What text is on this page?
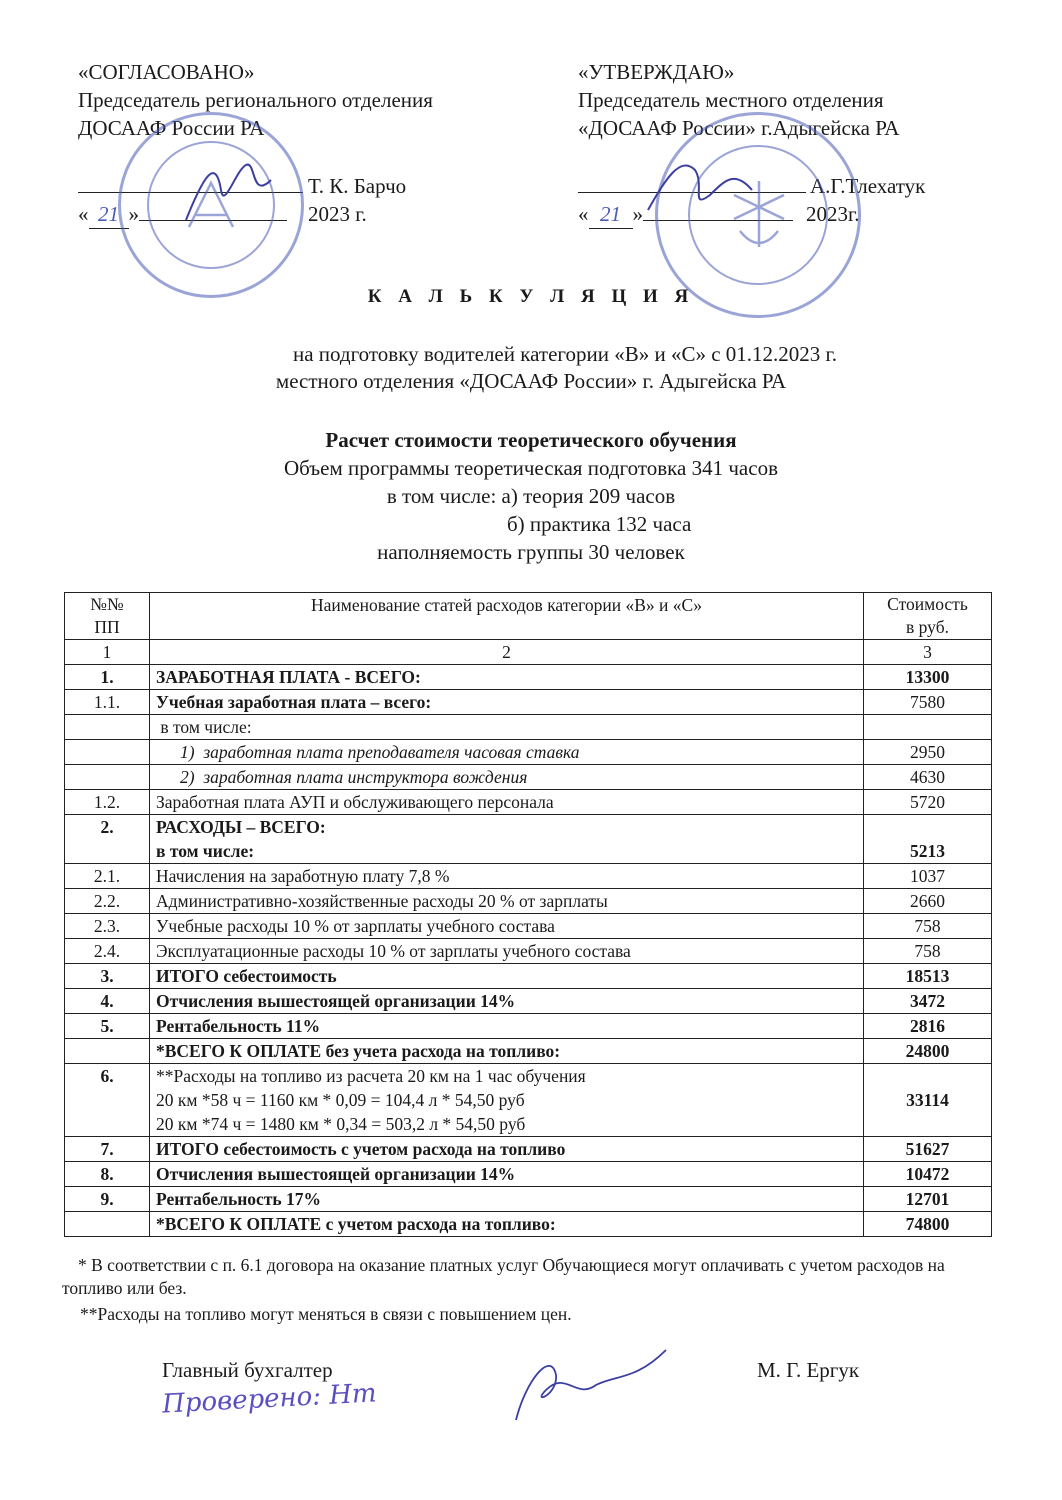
«СОГЛАСОВАНО»
Председатель регионального отделения
ДОСААФ России РА
Т. К. Барчо
« 21 »	2023 г.
«УТВЕРЖДАЮ»
Председатель местного отделения
«ДОСААФ России» г.Адыгейска РА
А.Г.Тлехатук
« 21 »	2023г.
К А Л Ь К У Л Я Ц И Я
на подготовку водителей категории «В» и «С» с 01.12.2023 г.
местного отделения «ДОСААФ России» г. Адыгейска РА
Расчет стоимости теоретического обучения
Объем программы теоретическая подготовка 341 часов
в том числе: а) теория 209 часов
б) практика 132 часа
наполняемость группы 30 человек
№№
ПП	Наименование статей расходов категории «В» и «С»	Стоимость
в руб.
1	2	3
1.	ЗАРАБОТНАЯ ПЛАТА - ВСЕГО:	13300
1.1.	Учебная заработная плата – всего:	7580
	в том числе:	
	1)  заработная плата преподавателя часовая ставка	2950
	2)  заработная плата инструктора вождения	4630
1.2.	Заработная плата АУП и обслуживающего персонала	5720
2.	РАСХОДЫ – ВСЕГО:
в том числе:	5213
2.1.	Начисления на заработную плату 7,8 %	1037
2.2.	Административно-хозяйственные расходы 20 % от зарплаты	2660
2.3.	Учебные расходы 10 % от зарплаты учебного состава	758
2.4.	Эксплуатационные расходы 10 % от зарплаты учебного состава	758
3.	ИТОГО себестоимость	18513
4.	Отчисления вышестоящей организации 14%	3472
5.	Рентабельность 11%	2816
	*ВСЕГО К ОПЛАТЕ без учета расхода на топливо:	24800
6.	**Расходы на топливо из расчета 20 км на 1 час обучения
20 км *58 ч = 1160 км * 0,09 = 104,4 л * 54,50 руб
20 км *74 ч = 1480 км * 0,34 = 503,2 л * 54,50 руб	33114
7.	ИТОГО себестоимость с учетом расхода на топливо	51627
8.	Отчисления вышестоящей организации 14%	10472
9.	Рентабельность 17%	12701
	*ВСЕГО К ОПЛАТЕ с учетом расхода на топливо:	74800
* В соответствии с п. 6.1 договора на оказание платных услуг Обучающиеся могут оплачивать с учетом расходов на топливо или без.
**Расходы на топливо могут меняться в связи с повышением цен.
Главный бухгалтер	М. Г. Ергук
Проверено: Нт
